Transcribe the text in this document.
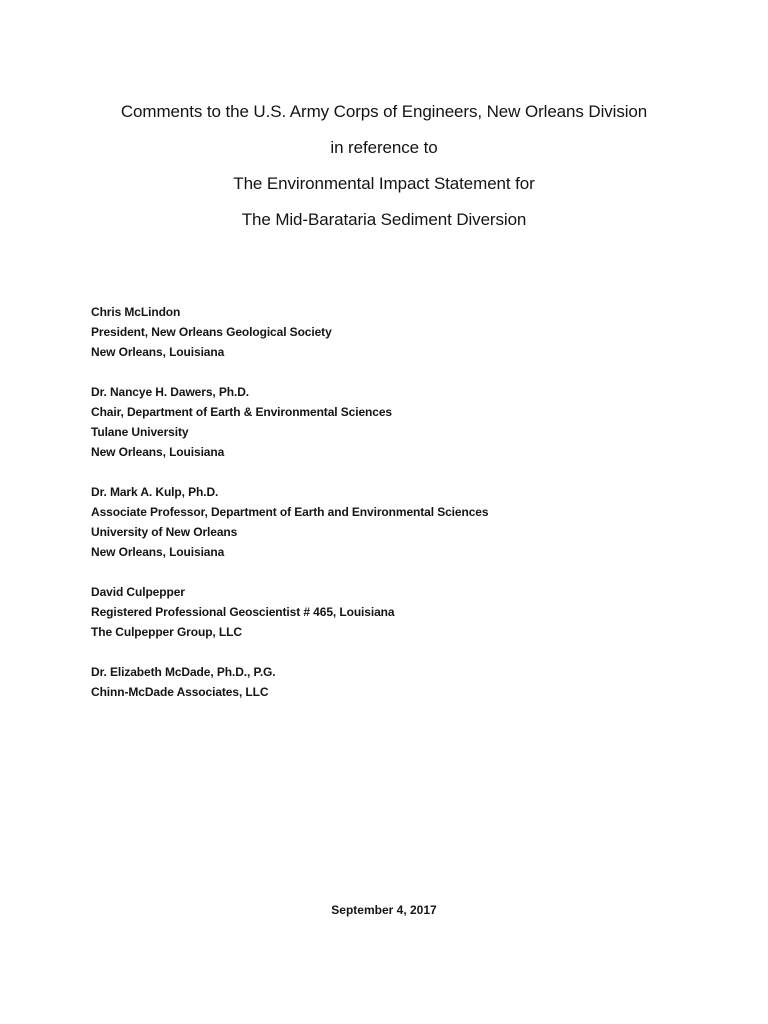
Comments to the U.S. Army Corps of Engineers, New Orleans Division
in reference to
The Environmental Impact Statement for
The Mid-Barataria Sediment Diversion
Chris McLindon
President, New Orleans Geological Society
New Orleans, Louisiana
Dr. Nancye H. Dawers, Ph.D.
Chair, Department of Earth & Environmental Sciences
Tulane University
New Orleans, Louisiana
Dr. Mark A. Kulp, Ph.D.
Associate Professor, Department of Earth and Environmental Sciences
University of New Orleans
New Orleans, Louisiana
David Culpepper
Registered Professional Geoscientist # 465, Louisiana
The Culpepper Group, LLC
Dr. Elizabeth McDade, Ph.D., P.G.
Chinn-McDade Associates, LLC
September 4, 2017
